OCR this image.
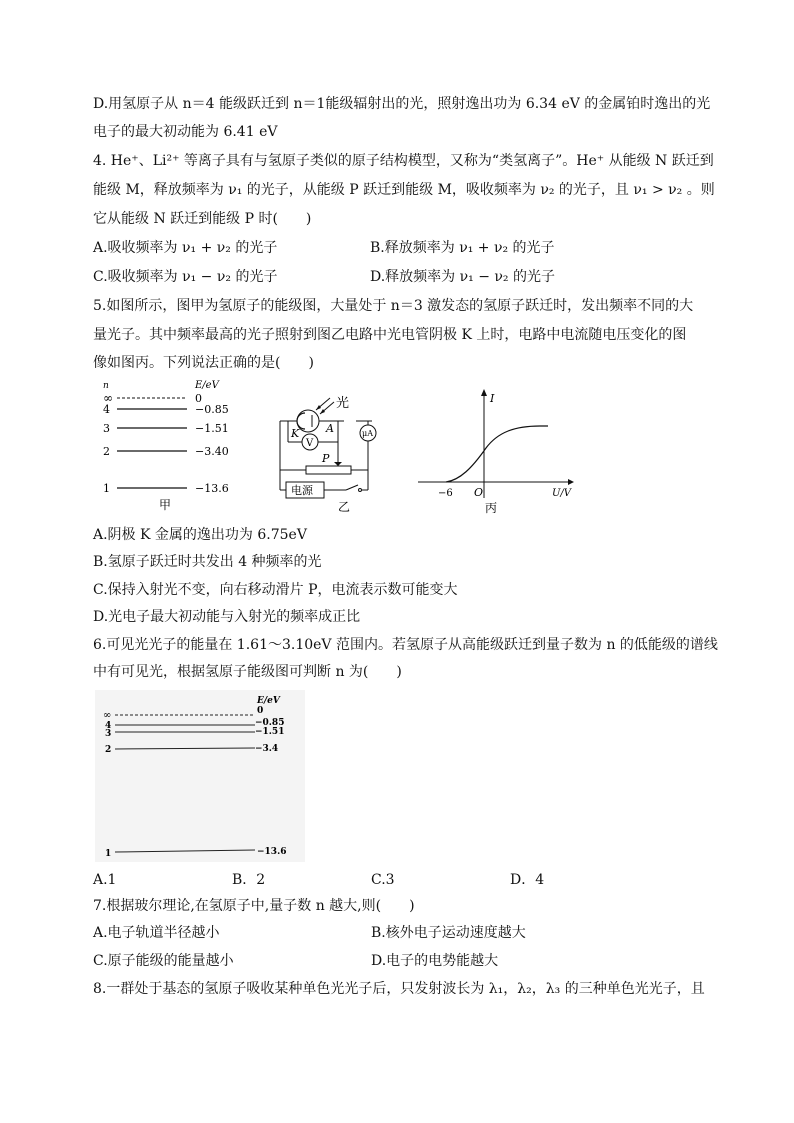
D.用氢原子从 n＝4 能级跃迁到 n＝1能级辐射出的光，照射逸出功为 6.34 eV 的金属铂时逸出的光
电子的最大初动能为 6.41 eV
4. He⁺、Li²⁺ 等离子具有与氢原子类似的原子结构模型，又称为“类氢离子”。He⁺ 从能级 N 跃迁到
能级 M，释放频率为 ν₁ 的光子，从能级 P 跃迁到能级 M，吸收频率为 ν₂ 的光子，且 ν₁ > ν₂ 。则
它从能级 N 跃迁到能级 P 时(　　)
A.吸收频率为 ν₁ + ν₂ 的光子	B.释放频率为 ν₁ + ν₂ 的光子
C.吸收频率为 ν₁ − ν₂ 的光子	D.释放频率为 ν₁ − ν₂ 的光子
5.如图所示，图甲为氢原子的能级图，大量处于 n＝3 激发态的氢原子跃迁时，发出频率不同的大
量光子。其中频率最高的光子照射到图乙电路中光电管阴极 K 上时，电路中电流随电压变化的图
像如图丙。下列说法正确的是(　　)
n	E/eV
∞	0
4	−0.85
3	−1.51
2	−3.40
1	−13.6
甲
光
K A	μA
V
P
电源
乙
I
U/V
O
−6
丙
A.阴极 K 金属的逸出功为 6.75eV
B.氢原子跃迁时共发出 4 种频率的光
C.保持入射光不变，向右移动滑片 P，电流表示数可能变大
D.光电子最大初动能与入射光的频率成正比
6.可见光光子的能量在 1.61～3.10eV 范围内。若氢原子从高能级跃迁到量子数为 n 的低能级的谱线
中有可见光，根据氢原子能级图可判断 n 为(　　)
E/eV
∞	0
4	−0.85
3	−1.51
2	−3.4
1	−13.6
A.1	B．2	C.3	D．4
7.根据玻尔理论,在氢原子中,量子数 n 越大,则(　　)
A.电子轨道半径越小	B.核外电子运动速度越大
C.原子能级的能量越小	D.电子的电势能越大
8.一群处于基态的氢原子吸收某种单色光光子后，只发射波长为 λ₁，λ₂，λ₃ 的三种单色光光子，且
